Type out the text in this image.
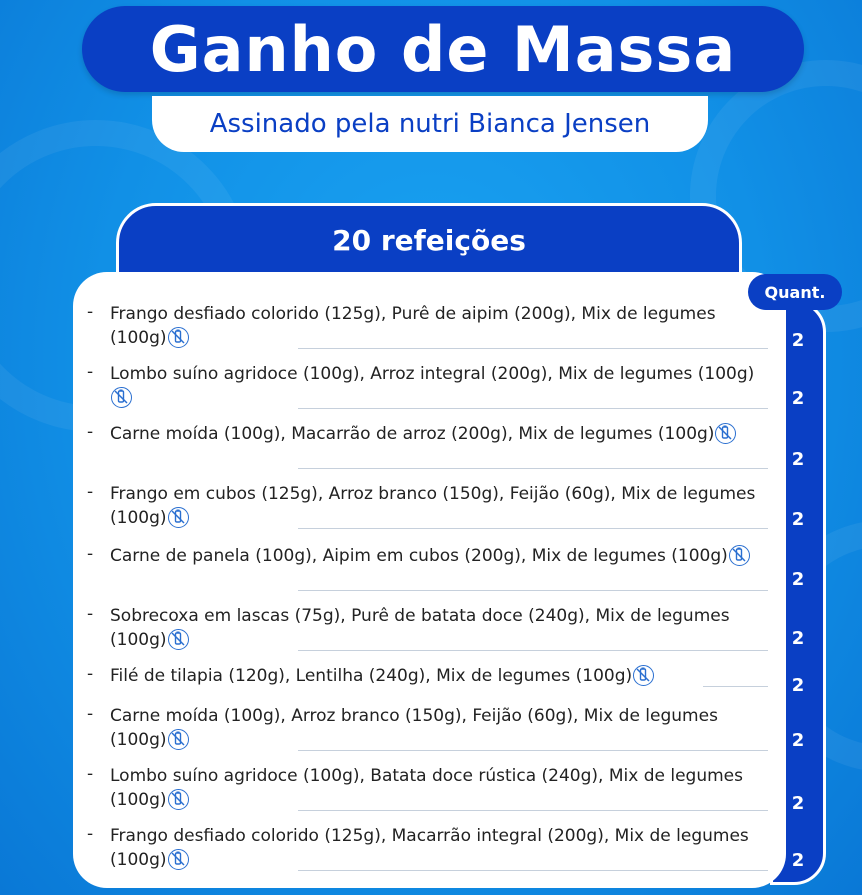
Ganho de Massa
Assinado pela nutri Bianca Jensen
20 refeições
- Frango desfiado colorido (125g), Purê de aipim (200g), Mix de legumes (100g)
- Lombo suíno agridoce (100g), Arroz integral (200g), Mix de legumes (100g)
- Carne moída (100g), Macarrão de arroz (200g), Mix de legumes (100g)
- Frango em cubos (125g), Arroz branco (150g), Feijão (60g), Mix de legumes (100g)
- Carne de panela (100g), Aipim em cubos (200g), Mix de legumes (100g)
- Sobrecoxa em lascas (75g), Purê de batata doce (240g), Mix de legumes (100g)
- Filé de tilapia (120g), Lentilha (240g), Mix de legumes (100g)
- Carne moída (100g), Arroz branco (150g), Feijão (60g), Mix de legumes (100g)
- Lombo suíno agridoce (100g), Batata doce rústica (240g), Mix de legumes (100g)
- Frango desfiado colorido (125g), Macarrão integral (200g), Mix de legumes (100g)
Quant.
2
2
2
2
2
2
2
2
2
2
